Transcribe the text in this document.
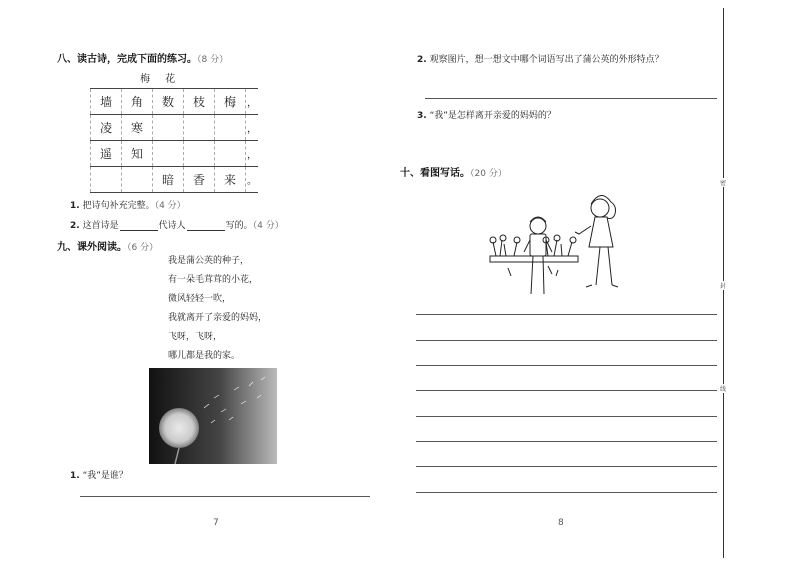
八、读古诗，完成下面的练习。（8 分）
梅 花
墙	角	数	枝	梅	，
凌	寒				，
遥	知				，
		暗	香	来	。
1. 把诗句补充完整。（4 分）
2. 这首诗是	代诗人	写的。（4 分）
九、课外阅读。（6 分）
我是蒲公英的种子，
有一朵毛茸茸的小花，
微风轻轻一吹，
我就离开了亲爱的妈妈，
飞呀，飞呀，
哪儿都是我的家。
1. “我”是谁？
7
2. 观察图片，想一想文中哪个词语写出了蒲公英的外形特点？
3. “我”是怎样离开亲爱的妈妈的？
十、看图写话。（20 分）
8
密
封
线
